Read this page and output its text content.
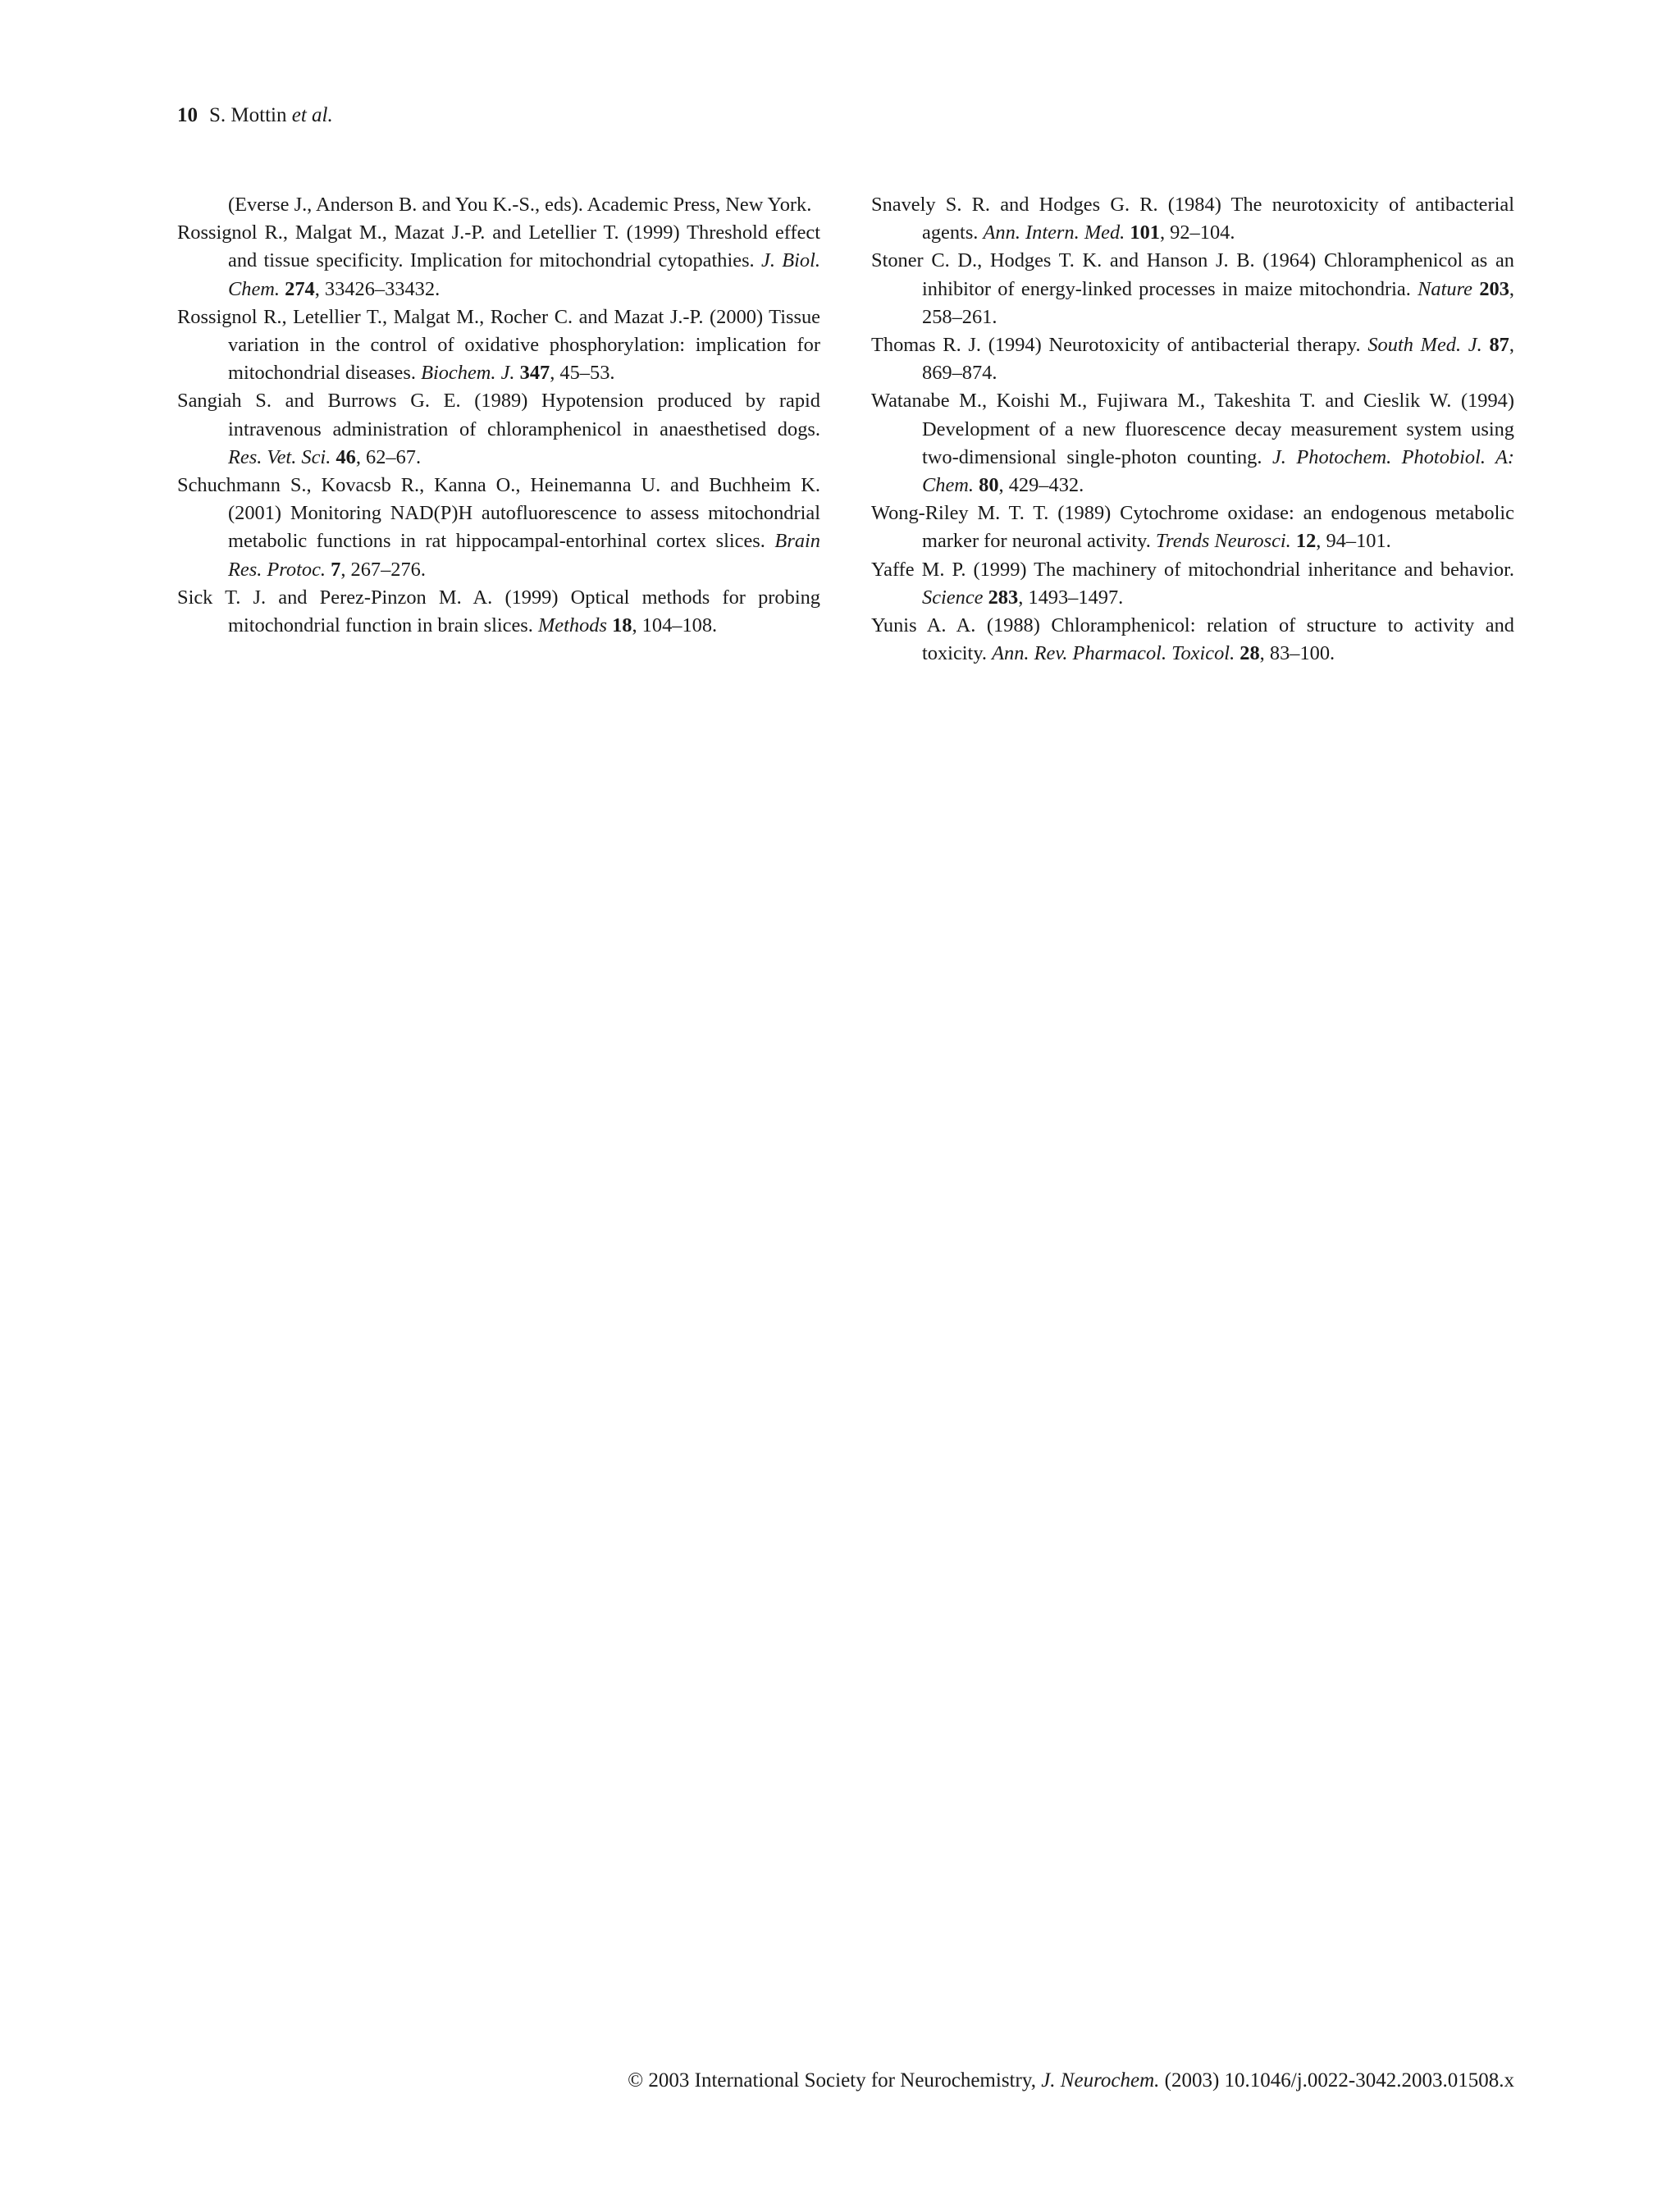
10 S. Mottin et al.

(Everse J., Anderson B. and You K.-S., eds). Academic Press, New York.

Rossignol R., Malgat M., Mazat J.-P. and Letellier T. (1999) Threshold effect and tissue specificity. Implication for mitochondrial cytopathies. J. Biol. Chem. 274, 33426–33432.

Rossignol R., Letellier T., Malgat M., Rocher C. and Mazat J.-P. (2000) Tissue variation in the control of oxidative phosphorylation: implication for mitochondrial diseases. Biochem. J. 347, 45–53.

Sangiah S. and Burrows G. E. (1989) Hypotension produced by rapid intravenous administration of chloramphenicol in anaesthetised dogs. Res. Vet. Sci. 46, 62–67.

Schuchmann S., Kovacsb R., Kanna O., Heinemanna U. and Buchheim K. (2001) Monitoring NAD(P)H autofluorescence to assess mitochondrial metabolic functions in rat hippocampal-entorhinal cortex slices. Brain Res. Protoc. 7, 267–276.

Sick T. J. and Perez-Pinzon M. A. (1999) Optical methods for probing mitochondrial function in brain slices. Methods 18, 104–108.

Snavely S. R. and Hodges G. R. (1984) The neurotoxicity of antibacterial agents. Ann. Intern. Med. 101, 92–104.

Stoner C. D., Hodges T. K. and Hanson J. B. (1964) Chloramphenicol as an inhibitor of energy-linked processes in maize mitochondria. Nature 203, 258–261.

Thomas R. J. (1994) Neurotoxicity of antibacterial therapy. South Med. J. 87, 869–874.

Watanabe M., Koishi M., Fujiwara M., Takeshita T. and Cieslik W. (1994) Development of a new fluorescence decay measurement system using two-dimensional single-photon counting. J. Photochem. Photobiol. A: Chem. 80, 429–432.

Wong-Riley M. T. T. (1989) Cytochrome oxidase: an endogenous metabolic marker for neuronal activity. Trends Neurosci. 12, 94–101.

Yaffe M. P. (1999) The machinery of mitochondrial inheritance and behavior. Science 283, 1493–1497.

Yunis A. A. (1988) Chloramphenicol: relation of structure to activity and toxicity. Ann. Rev. Pharmacol. Toxicol. 28, 83–100.

© 2003 International Society for Neurochemistry, J. Neurochem. (2003) 10.1046/j.0022-3042.2003.01508.x
